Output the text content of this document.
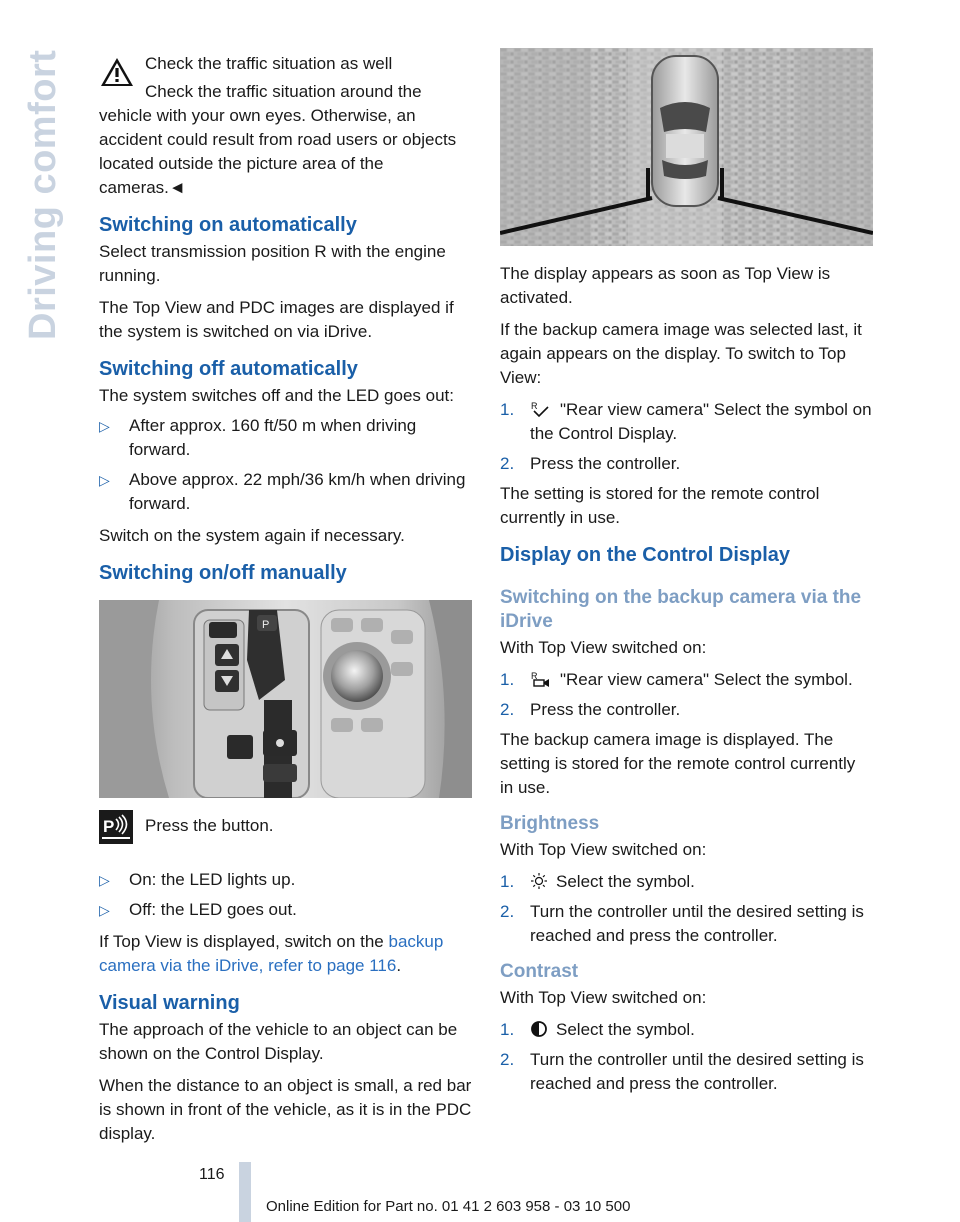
Driving comfort	Check the traffic situation as well

Check the traffic situation around the vehicle with your own eyes. Otherwise, an accident could result from road users or objects located outside the picture area of the cameras.◄

Switching on automatically

Select transmission position R with the engine running.

The Top View and PDC images are displayed if the system is switched on via iDrive.

Switching off automatically

The system switches off and the LED goes out:

▷ After approx. 160 ft/50 m when driving forward.
▷ Above approx. 22 mph/36 km/h when driving forward.

Switch on the system again if necessary.

Switching on/off manually
P
P Press the button.

▷ On: the LED lights up.
▷ Off: the LED goes out.

If Top View is displayed, switch on the backup camera via the iDrive, refer to page 116.

Visual warning

The approach of the vehicle to an object can be shown on the Control Display.

When the distance to an object is small, a red bar is shown in front of the vehicle, as it is in the PDC display.

The display appears as soon as Top View is activated.

If the backup camera image was selected last, it again appears on the display. To switch to Top View:

1. R "Rear view camera" Select the symbol on the Control Display.
2. Press the controller.

The setting is stored for the remote control currently in use.

Display on the Control Display
Switching on the backup camera via the iDrive

With Top View switched on:

1. R "Rear view camera" Select the symbol.
2. Press the controller.

The backup camera image is displayed. The setting is stored for the remote control currently in use.

Brightness

With Top View switched on:

1. Select the symbol.
2. Turn the controller until the desired setting is reached and press the controller.
Contrast

With Top View switched on:

1. Select the symbol.
2. Turn the controller until the desired setting is reached and press the controller.
116
Online Edition for Part no. 01 41 2 603 958 - 03 10 500
